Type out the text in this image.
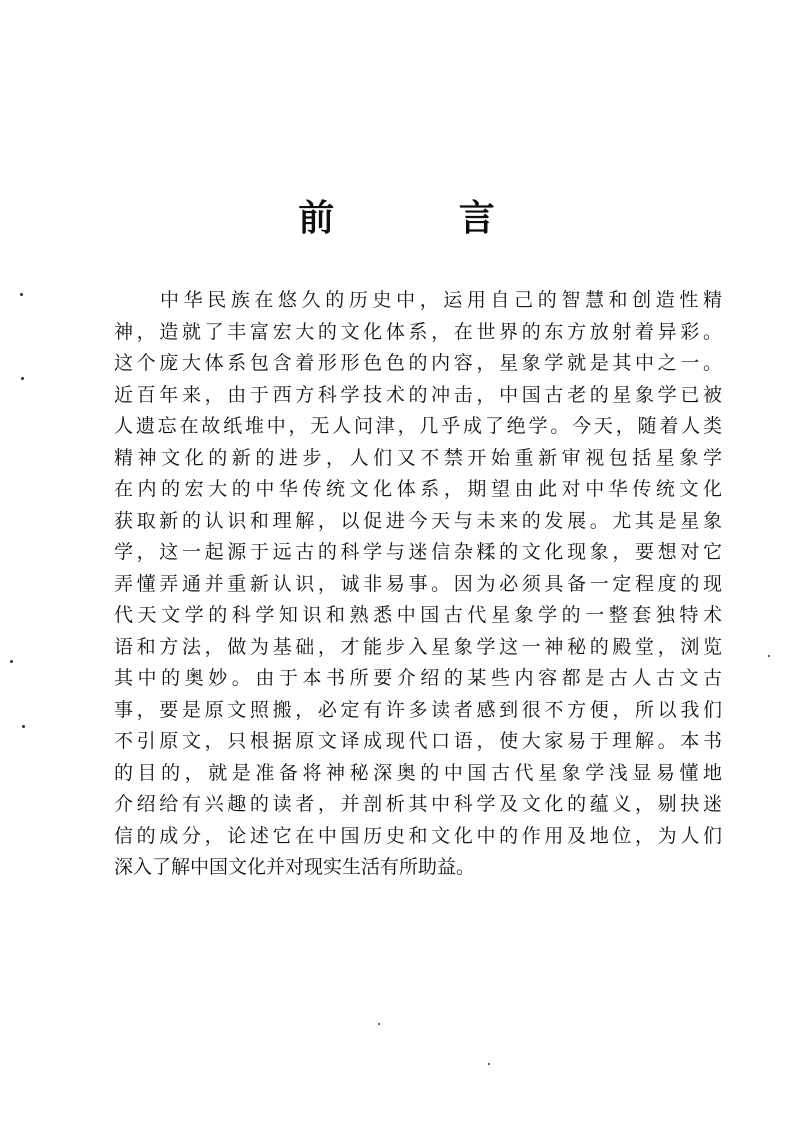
前 言
中华民族在悠久的历史中，运用自己的智慧和创造性精
神，造就了丰富宏大的文化体系，在世界的东方放射着异彩。
这个庞大体系包含着形形色色的内容，星象学就是其中之一。
近百年来，由于西方科学技术的冲击，中国古老的星象学已被
人遗忘在故纸堆中，无人问津，几乎成了绝学。今天，随着人类
精神文化的新的进步，人们又不禁开始重新审视包括星象学
在内的宏大的中华传统文化体系，期望由此对中华传统文化
获取新的认识和理解，以促进今天与未来的发展。尤其是星象
学，这一起源于远古的科学与迷信杂糅的文化现象，要想对它
弄懂弄通并重新认识，诚非易事。因为必须具备一定程度的现
代天文学的科学知识和熟悉中国古代星象学的一整套独特术
语和方法，做为基础，才能步入星象学这一神秘的殿堂，浏览
其中的奥妙。由于本书所要介绍的某些内容都是古人古文古
事，要是原文照搬，必定有许多读者感到很不方便，所以我们
不引原文，只根据原文译成现代口语，使大家易于理解。本书
的目的，就是准备将神秘深奥的中国古代星象学浅显易懂地
介绍给有兴趣的读者，并剖析其中科学及文化的蕴义，剔抉迷
信的成分，论述它在中国历史和文化中的作用及地位，为人们
深入了解中国文化并对现实生活有所助益。
